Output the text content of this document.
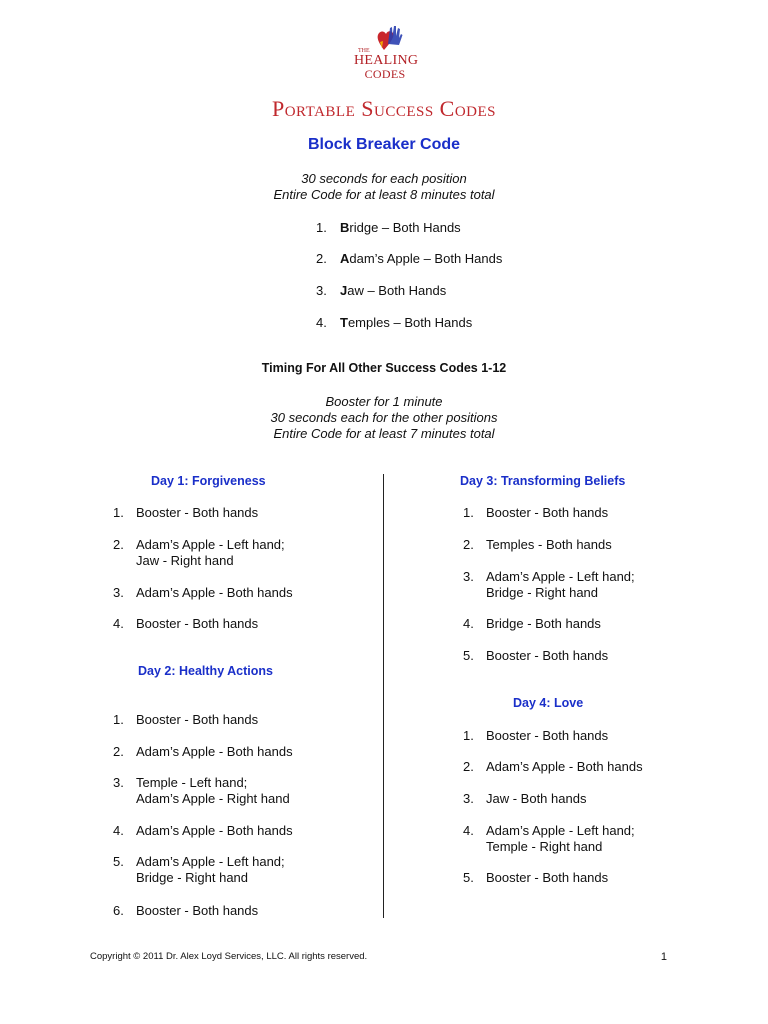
THE
HEALING
CODES
Portable Success Codes
Block Breaker Code
30 seconds for each position
Entire Code for at least 8 minutes total
1. Bridge – Both Hands
2. Adam’s Apple – Both Hands
3. Jaw – Both Hands
4. Temples – Both Hands
Timing For All Other Success Codes 1-12
Booster for 1 minute
30 seconds each for the other positions
Entire Code for at least 7 minutes total
Day 1: Forgiveness
1. Booster - Both hands
2. Adam’s Apple - Left hand;
Jaw - Right hand
3. Adam’s Apple - Both hands
4. Booster - Both hands
Day 2: Healthy Actions
1. Booster - Both hands
2. Adam’s Apple - Both hands
3. Temple - Left hand;
Adam’s Apple - Right hand
4. Adam’s Apple - Both hands
5. Adam’s Apple - Left hand;
Bridge - Right hand
6. Booster - Both hands
Day 3: Transforming Beliefs
1. Booster - Both hands
2. Temples - Both hands
3. Adam’s Apple - Left hand;
Bridge - Right hand
4. Bridge - Both hands
5. Booster - Both hands
Day 4: Love
1. Booster - Both hands
2. Adam’s Apple - Both hands
3. Jaw - Both hands
4. Adam’s Apple - Left hand;
Temple - Right hand
5. Booster - Both hands
Copyright © 2011 Dr. Alex Loyd Services, LLC. All rights reserved.	1
